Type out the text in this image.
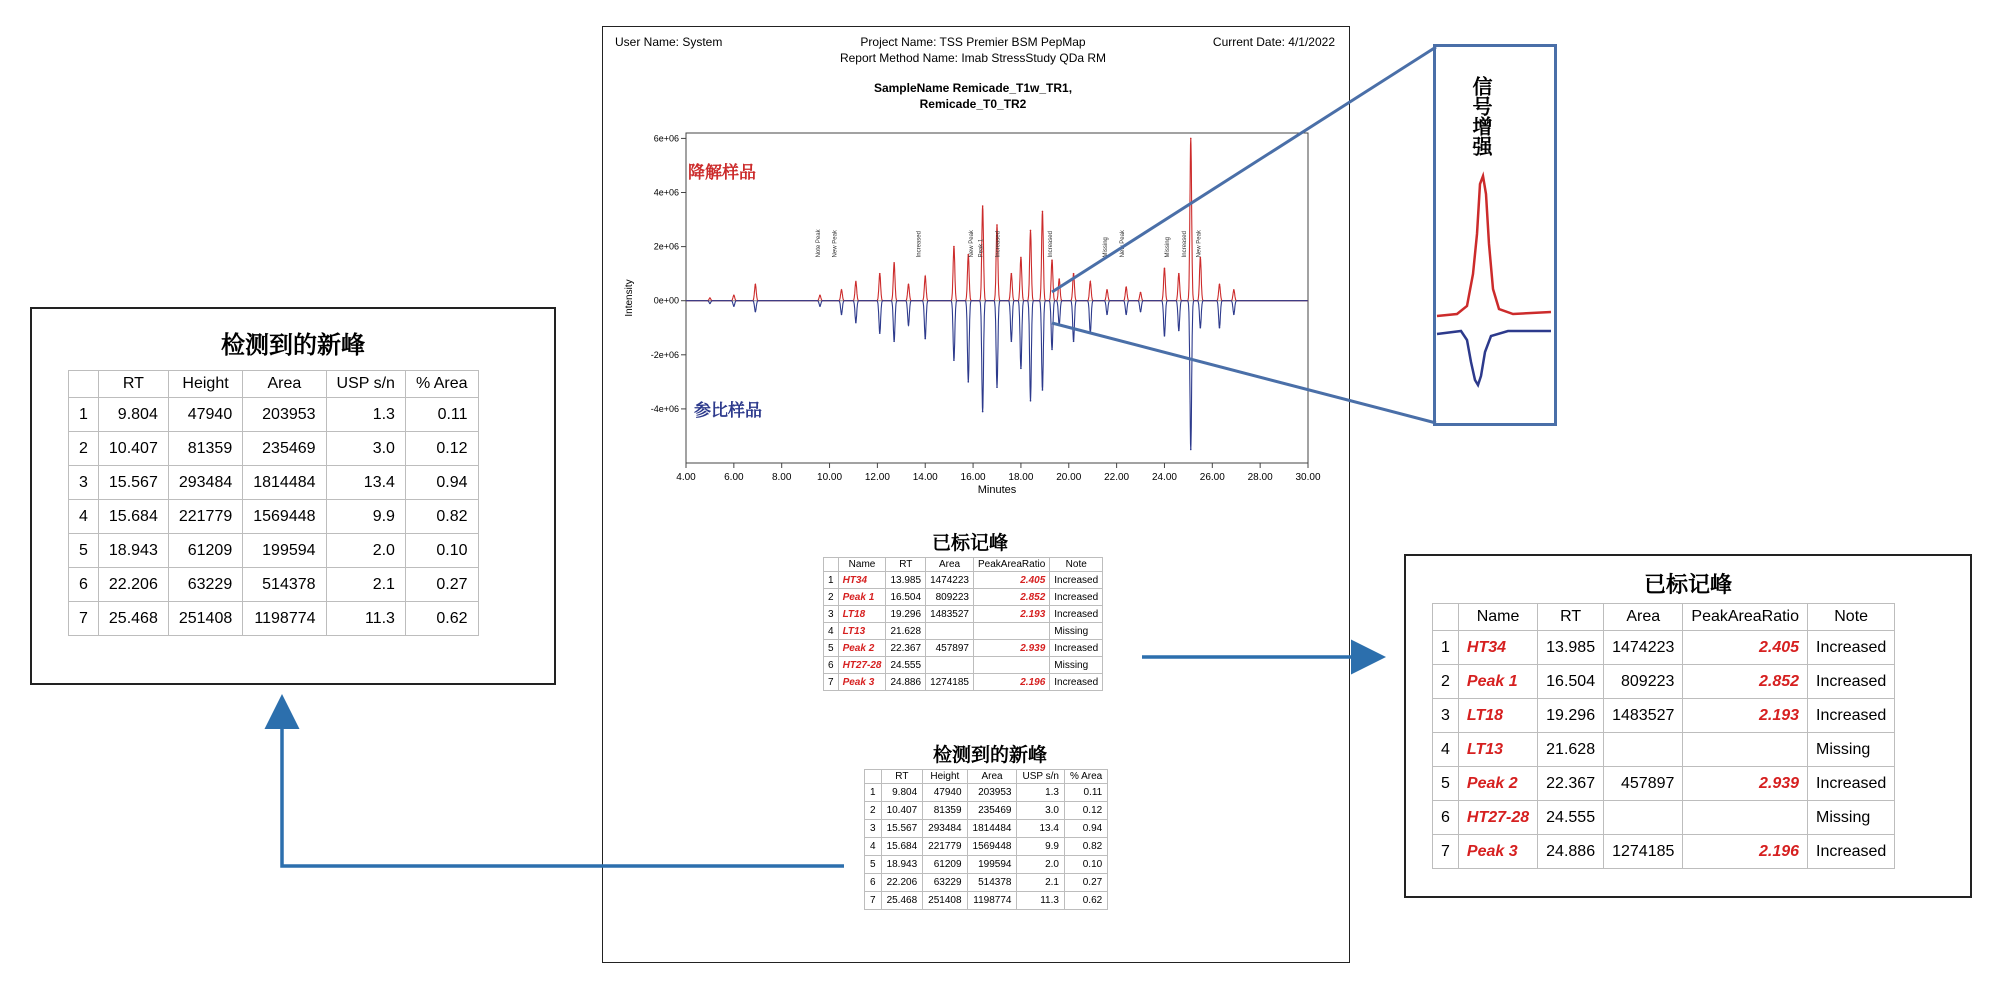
User Name: System	Project Name: TSS Premier BSM PepMap
Report Method Name: Imab StressStudy QDa RM
Current Date: 4/1/2022
SampleName Remicade_T1w_TR1,
Remicade_T0_TR2
4.00	6.00	8.00	10.00 12.00 14.00 16.00 18.00 20.00 22.00 24.00 26.00 28.00 30.00
6e+06
4e+06
2e+06
0e+00
-2e+06
-4e+06
Minutes
Intensity
Note Peak New Peak	Increased	New Peak Peak 1 Increased	Increased	Missing New Peak	Missing Increased New Peak
降解样品
参比样品
已标记峰
	Name	RT	Area	PeakAreaRatio	Note
1	HT34	13.985	1474223	2.405	Increased
2	Peak 1	16.504	809223	2.852	Increased
3	LT18	19.296	1483527	2.193	Increased
4	LT13	21.628			Missing
5	Peak 2	22.367	457897	2.939	Increased
6	HT27-28	24.555			Missing
7	Peak 3	24.886	1274185	2.196	Increased
检测到的新峰
	RT	Height	Area	USP s/n	% Area
1	9.804	47940	203953	1.3	0.11
2	10.407	81359	235469	3.0	0.12
3	15.567	293484	1814484	13.4	0.94
4	15.684	221779	1569448	9.9	0.82
5	18.943	61209	199594	2.0	0.10
6	22.206	63229	514378	2.1	0.27
7	25.468	251408	1198774	11.3	0.62
检测到的新峰
	RT	Height	Area	USP s/n	% Area
1	9.804	47940	203953	1.3	0.11
2	10.407	81359	235469	3.0	0.12
3	15.567	293484	1814484	13.4	0.94
4	15.684	221779	1569448	9.9	0.82
5	18.943	61209	199594	2.0	0.10
6	22.206	63229	514378	2.1	0.27
7	25.468	251408	1198774	11.3	0.62
已标记峰
	Name	RT	Area	PeakAreaRatio	Note
1	HT34	13.985	1474223	2.405	Increased
2	Peak 1	16.504	809223	2.852	Increased
3	LT18	19.296	1483527	2.193	Increased
4	LT13	21.628			Missing
5	Peak 2	22.367	457897	2.939	Increased
6	HT27-28	24.555			Missing
7	Peak 3	24.886	1274185	2.196	Increased
信号增强
